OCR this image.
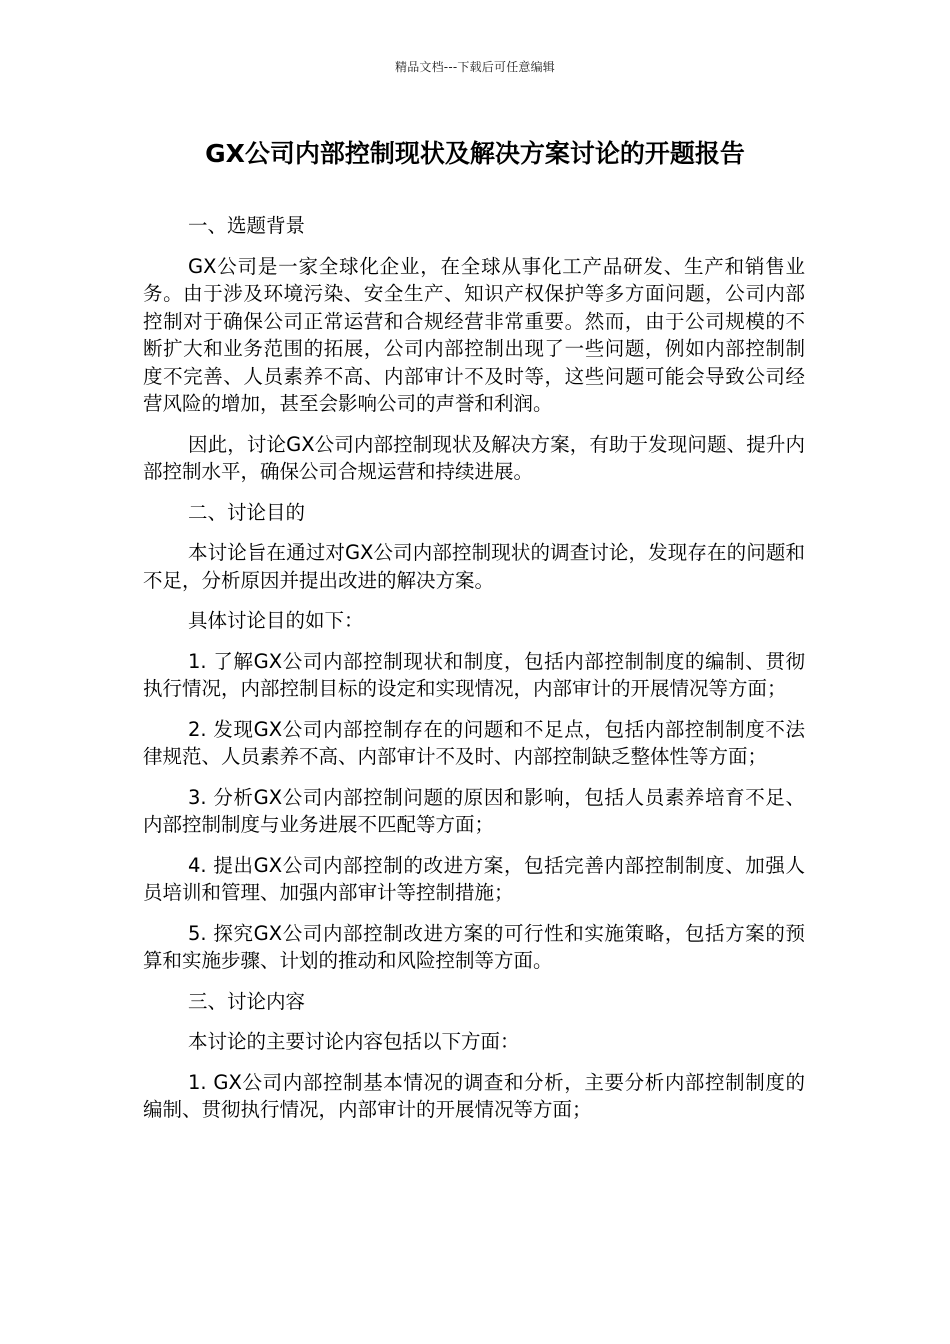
精品文档---下载后可任意编辑
GX公司内部控制现状及解决方案讨论的开题报告
一、选题背景
GX公司是一家全球化企业，在全球从事化工产品研发、生产和销售业务。由于涉及环境污染、安全生产、知识产权保护等多方面问题，公司内部控制对于确保公司正常运营和合规经营非常重要。然而，由于公司规模的不断扩大和业务范围的拓展，公司内部控制出现了一些问题，例如内部控制制度不完善、人员素养不高、内部审计不及时等，这些问题可能会导致公司经营风险的增加，甚至会影响公司的声誉和利润。
因此，讨论GX公司内部控制现状及解决方案，有助于发现问题、提升内部控制水平，确保公司合规运营和持续进展。
二、讨论目的
本讨论旨在通过对GX公司内部控制现状的调查讨论，发现存在的问题和不足，分析原因并提出改进的解决方案。
具体讨论目的如下：
1. 了解GX公司内部控制现状和制度，包括内部控制制度的编制、贯彻执行情况，内部控制目标的设定和实现情况，内部审计的开展情况等方面；
2. 发现GX公司内部控制存在的问题和不足点，包括内部控制制度不法律规范、人员素养不高、内部审计不及时、内部控制缺乏整体性等方面；
3. 分析GX公司内部控制问题的原因和影响，包括人员素养培育不足、内部控制制度与业务进展不匹配等方面；
4. 提出GX公司内部控制的改进方案，包括完善内部控制制度、加强人员培训和管理、加强内部审计等控制措施；
5. 探究GX公司内部控制改进方案的可行性和实施策略，包括方案的预算和实施步骤、计划的推动和风险控制等方面。
三、讨论内容
本讨论的主要讨论内容包括以下方面：
1. GX公司内部控制基本情况的调查和分析，主要分析内部控制制度的编制、贯彻执行情况，内部审计的开展情况等方面；
